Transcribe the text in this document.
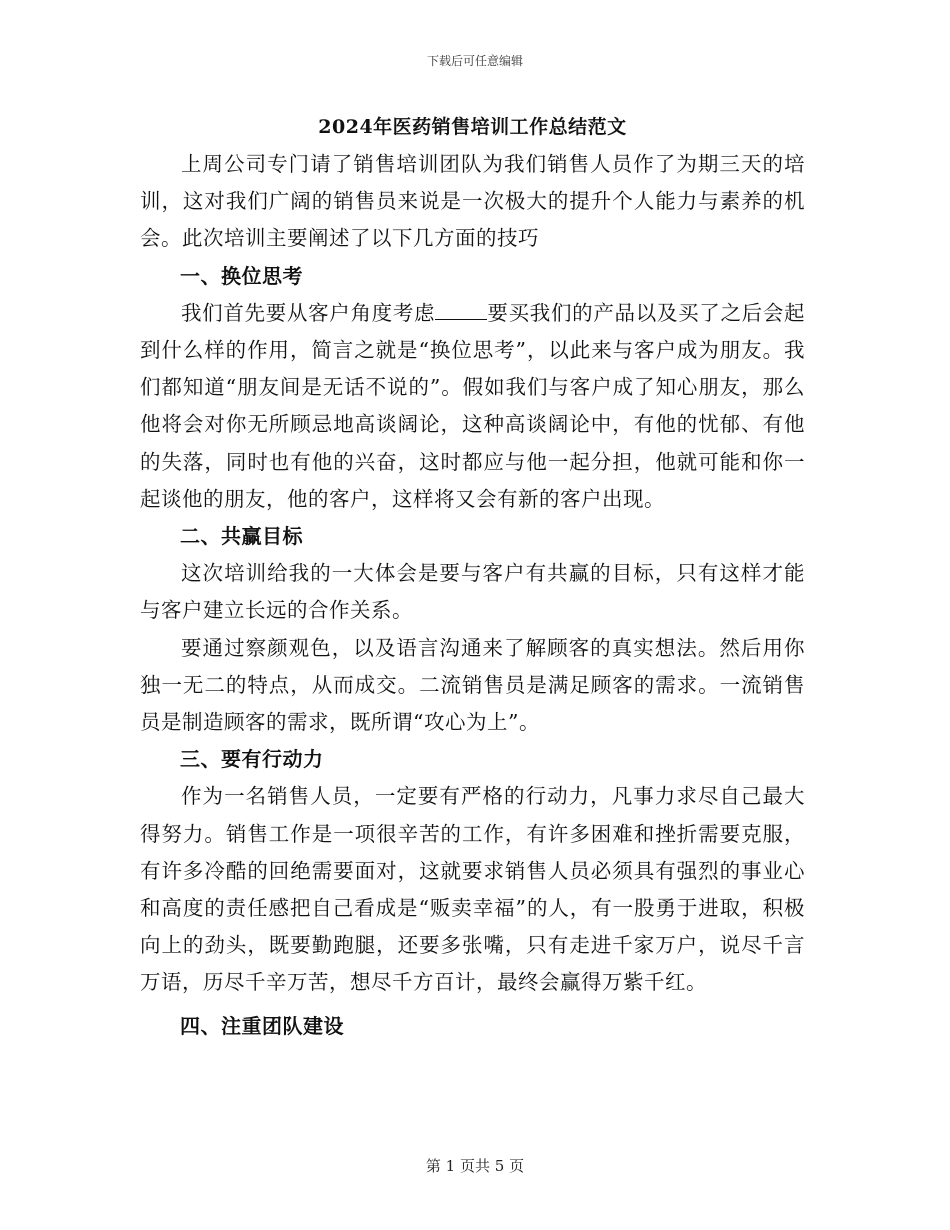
下载后可任意编辑
2024年医药销售培训工作总结范文

上周公司专门请了销售培训团队为我们销售人员作了为期三天的培训，这对我们广阔的销售员来说是一次极大的提升个人能力与素养的机会。此次培训主要阐述了以下几方面的技巧

一、换位思考

我们首先要从客户角度考虑	要买我们的产品以及买了之后会起到什么样的作用，简言之就是“换位思考”，以此来与客户成为朋友。我们都知道“朋友间是无话不说的”。假如我们与客户成了知心朋友，那么他将会对你无所顾忌地高谈阔论，这种高谈阔论中，有他的忧郁、有他的失落，同时也有他的兴奋，这时都应与他一起分担，他就可能和你一起谈他的朋友，他的客户，这样将又会有新的客户出现。

二、共赢目标

这次培训给我的一大体会是要与客户有共赢的目标，只有这样才能与客户建立长远的合作关系。

要通过察颜观色，以及语言沟通来了解顾客的真实想法。然后用你独一无二的特点，从而成交。二流销售员是满足顾客的需求。一流销售员是制造顾客的需求，既所谓“攻心为上”。

三、要有行动力

作为一名销售人员，一定要有严格的行动力，凡事力求尽自己最大得努力。销售工作是一项很辛苦的工作，有许多困难和挫折需要克服，有许多冷酷的回绝需要面对，这就要求销售人员必须具有强烈的事业心和高度的责任感把自己看成是“贩卖幸福”的人，有一股勇于进取，积极向上的劲头，既要勤跑腿，还要多张嘴，只有走进千家万户，说尽千言万语，历尽千辛万苦，想尽千方百计，最终会赢得万紫千红。

四、注重团队建设

第 1 页共 5 页
